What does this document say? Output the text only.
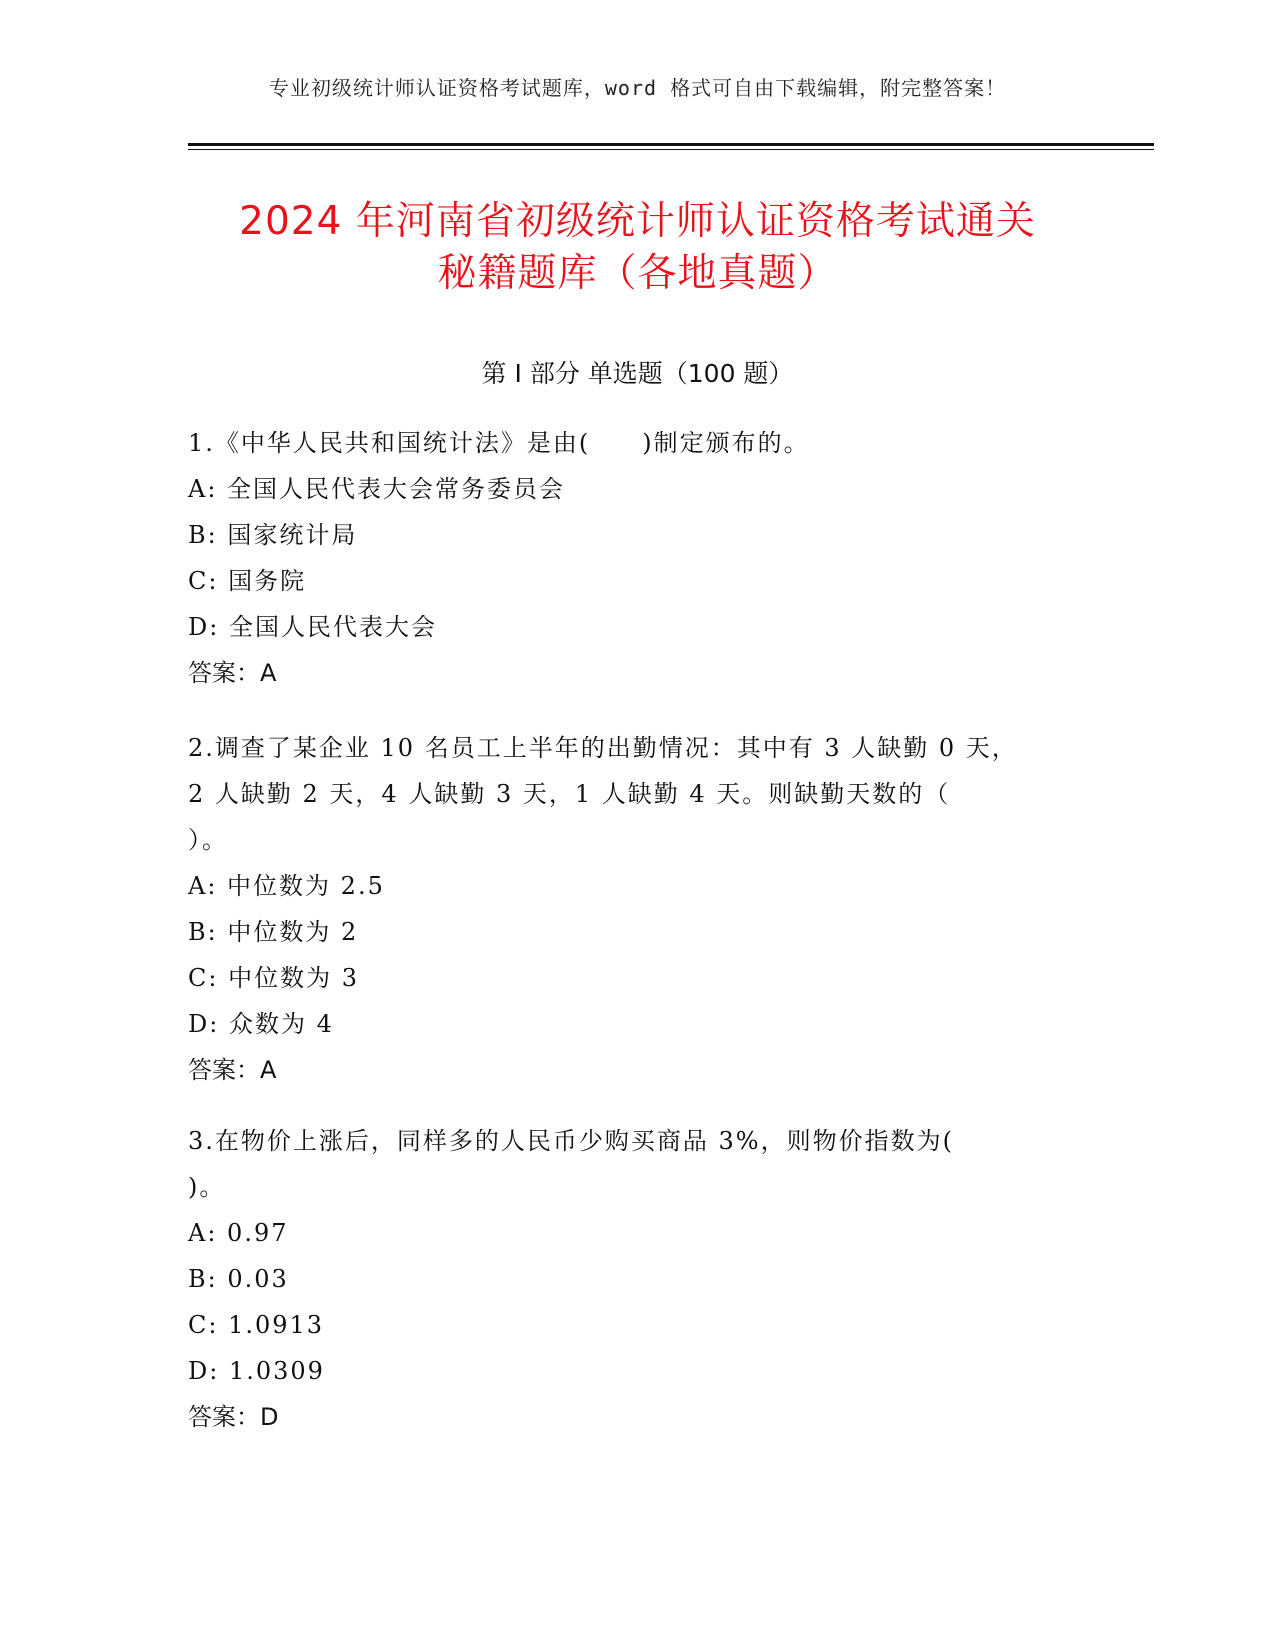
专业初级统计师认证资格考试题库，word 格式可自由下载编辑，附完整答案！
2024 年河南省初级统计师认证资格考试通关
秘籍题库（各地真题）
第 I 部分 单选题（100 题）

1.《中华人民共和国统计法》是由(　　)制定颁布的。

A: 全国人民代表大会常务委员会

B: 国家统计局

C: 国务院

D: 全国人民代表大会

答案：A

2.调查了某企业 10 名员工上半年的出勤情况：其中有 3 人缺勤 0 天，

2 人缺勤 2 天，4 人缺勤 3 天，1 人缺勤 4 天。则缺勤天数的（

）。

A: 中位数为 2.5

B: 中位数为 2

C: 中位数为 3

D: 众数为 4

答案：A

3.在物价上涨后，同样多的人民币少购买商品 3%，则物价指数为(

)。

A: 0.97

B: 0.03

C: 1.0913

D: 1.0309

答案：D
